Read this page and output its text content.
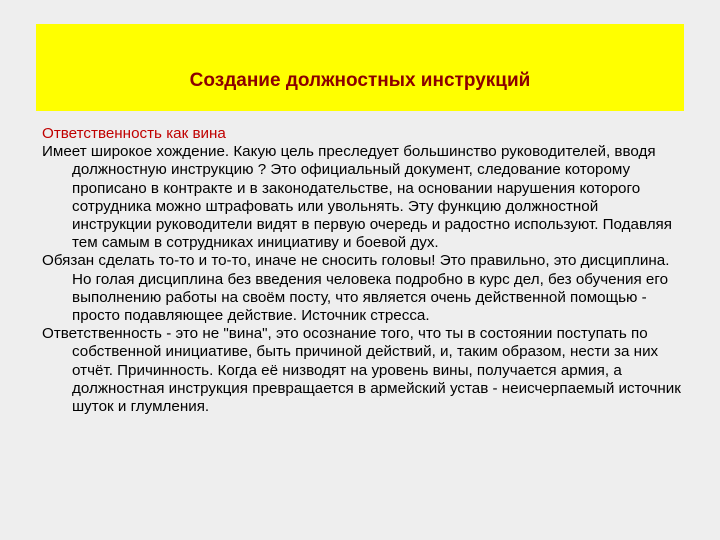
Создание должностных инструкций
Ответственность как вина

Имеет широкое хождение. Какую цель преследует большинство руководителей, вводя должностную инструкцию ? Это официальный документ, следование которому прописано в контракте и в законодательстве, на основании нарушения которого сотрудника можно штрафовать или увольнять. Эту функцию должностной инструкции руководители видят в первую очередь и радостно используют. Подавляя тем самым в сотрудниках инициативу и боевой дух.

Обязан сделать то-то и то-то, иначе не сносить головы! Это правильно, это дисциплина. Но голая дисциплина без введения человека подробно в курс дел, без обучения его выполнению работы на своём посту, что является очень действенной помощью - просто подавляющее действие. Источник стресса.

Ответственность - это не "вина", это осознание того, что ты в состоянии поступать по собственной инициативе, быть причиной действий, и, таким образом, нести за них отчёт. Причинность. Когда её низводят на уровень вины, получается армия, а должностная инструкция превращается в армейский устав - неисчерпаемый источник шуток и глумления.
